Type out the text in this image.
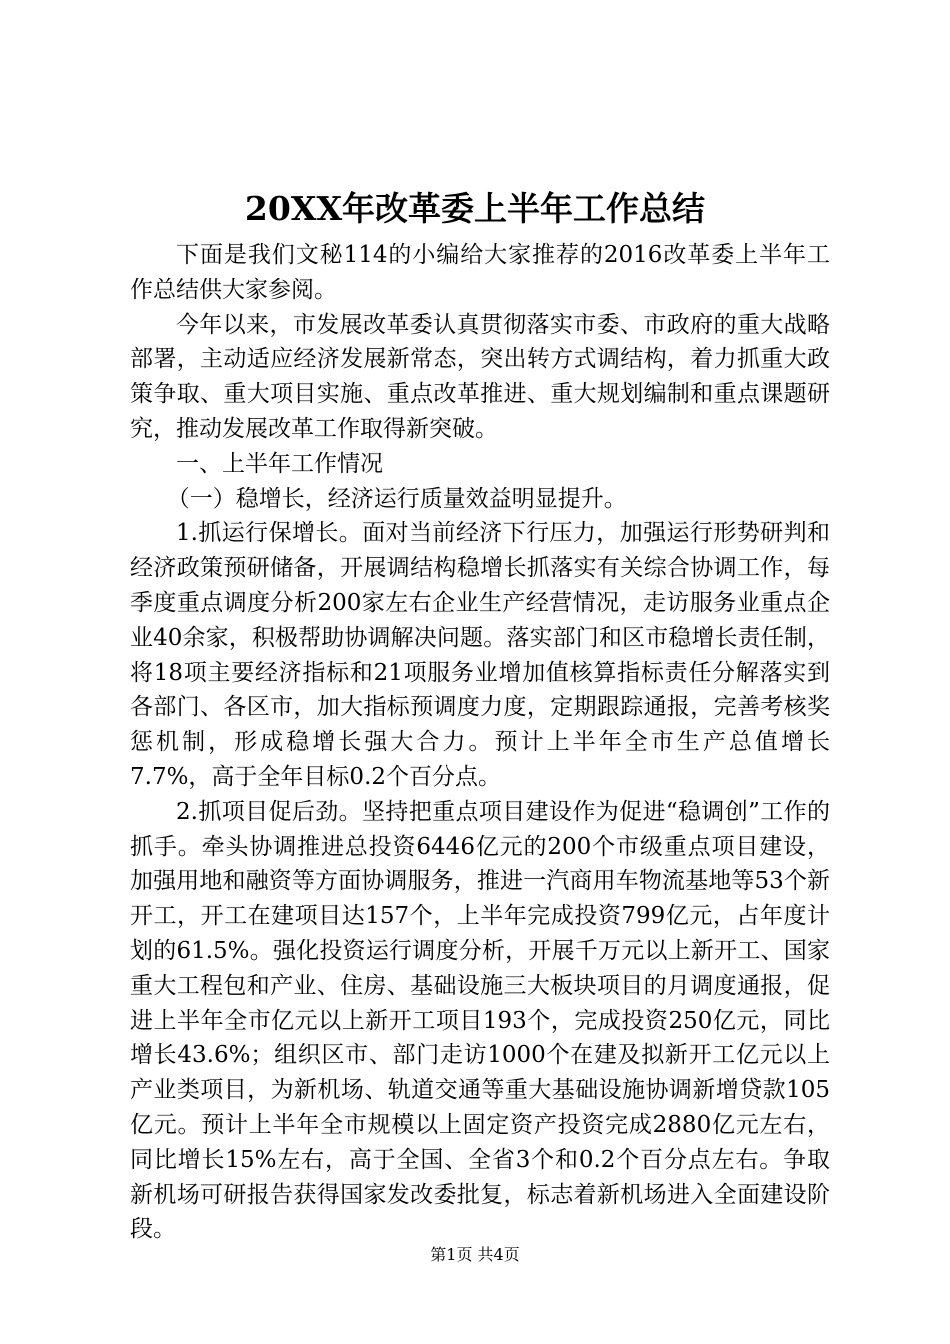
20XX年改革委上半年工作总结

下面是我们文秘114的小编给大家推荐的2016改革委上半年工作总结供大家参阅。

今年以来，市发展改革委认真贯彻落实市委、市政府的重大战略部署，主动适应经济发展新常态，突出转方式调结构，着力抓重大政策争取、重大项目实施、重点改革推进、重大规划编制和重点课题研究，推动发展改革工作取得新突破。

一、上半年工作情况

（一）稳增长，经济运行质量效益明显提升。

1.抓运行保增长。面对当前经济下行压力，加强运行形势研判和经济政策预研储备，开展调结构稳增长抓落实有关综合协调工作，每季度重点调度分析200家左右企业生产经营情况，走访服务业重点企业40余家，积极帮助协调解决问题。落实部门和区市稳增长责任制，将18项主要经济指标和21项服务业增加值核算指标责任分解落实到各部门、各区市，加大指标预调度力度，定期跟踪通报，完善考核奖惩机制，形成稳增长强大合力。预计上半年全市生产总值增长7.7%，高于全年目标0.2个百分点。

2.抓项目促后劲。坚持把重点项目建设作为促进“稳调创”工作的抓手。牵头协调推进总投资6446亿元的200个市级重点项目建设，加强用地和融资等方面协调服务，推进一汽商用车物流基地等53个新开工，开工在建项目达157个，上半年完成投资799亿元，占年度计划的61.5%。强化投资运行调度分析，开展千万元以上新开工、国家重大工程包和产业、住房、基础设施三大板块项目的月调度通报，促进上半年全市亿元以上新开工项目193个，完成投资250亿元，同比增长43.6%；组织区市、部门走访1000个在建及拟新开工亿元以上产业类项目，为新机场、轨道交通等重大基础设施协调新增贷款105亿元。预计上半年全市规模以上固定资产投资完成2880亿元左右，同比增长15%左右，高于全国、全省3个和0.2个百分点左右。争取新机场可研报告获得国家发改委批复，标志着新机场进入全面建设阶段。

第1页 共4页
